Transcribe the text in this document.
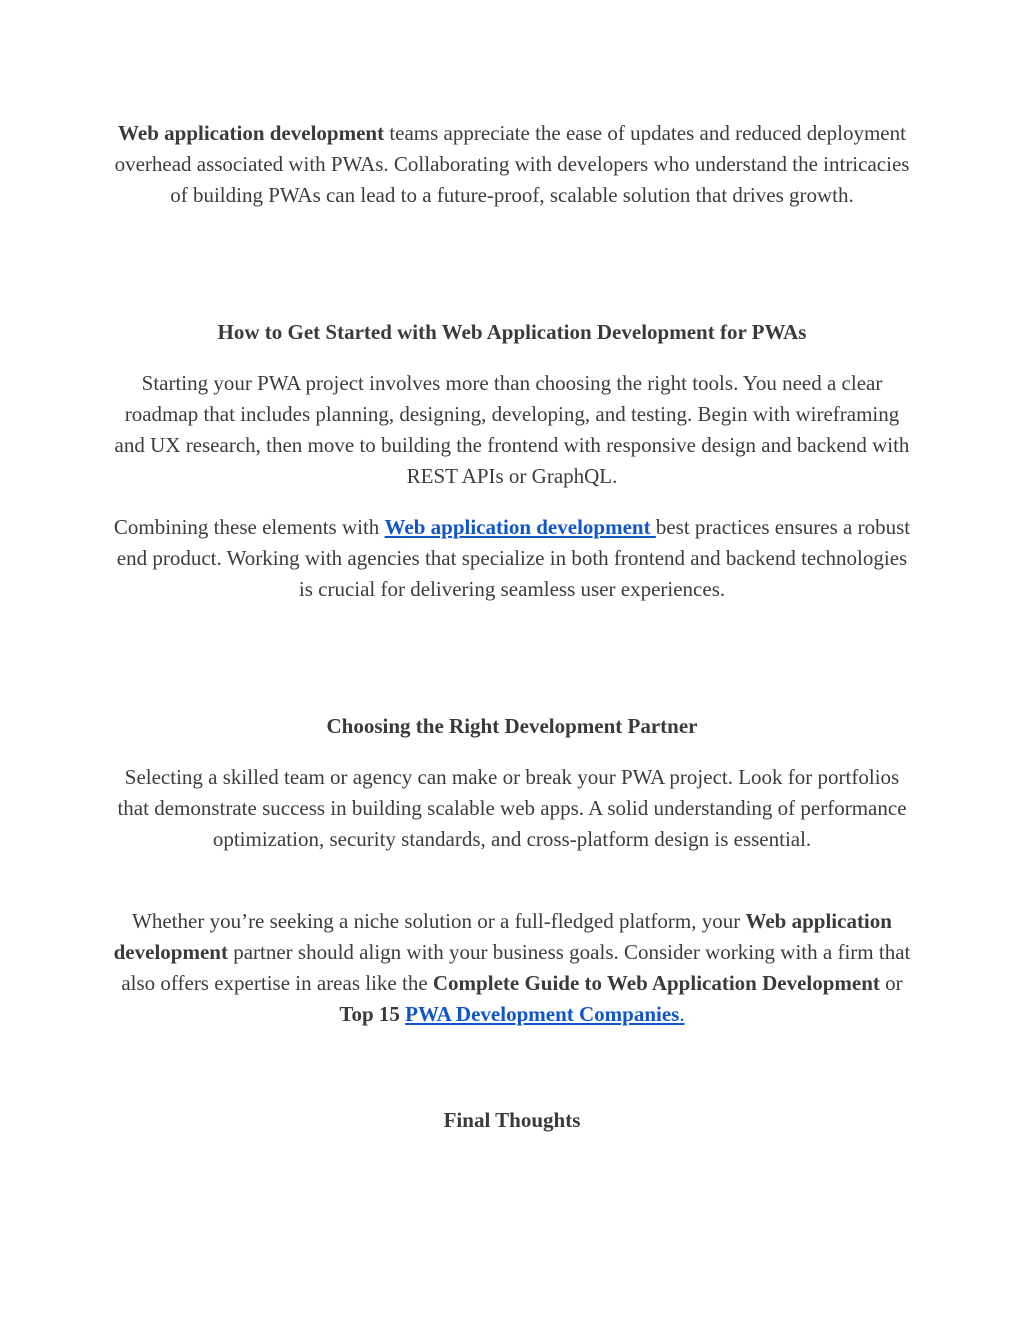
Web application development teams appreciate the ease of updates and reduced deployment overhead associated with PWAs. Collaborating with developers who understand the intricacies of building PWAs can lead to a future-proof, scalable solution that drives growth.

How to Get Started with Web Application Development for PWAs

Starting your PWA project involves more than choosing the right tools. You need a clear roadmap that includes planning, designing, developing, and testing. Begin with wireframing and UX research, then move to building the frontend with responsive design and backend with REST APIs or GraphQL.

Combining these elements with Web application development best practices ensures a robust end product. Working with agencies that specialize in both frontend and backend technologies is crucial for delivering seamless user experiences.

Choosing the Right Development Partner

Selecting a skilled team or agency can make or break your PWA project. Look for portfolios that demonstrate success in building scalable web apps. A solid understanding of performance optimization, security standards, and cross-platform design is essential.

Whether you’re seeking a niche solution or a full-fledged platform, your Web application development partner should align with your business goals. Consider working with a firm that also offers expertise in areas like the Complete Guide to Web Application Development or Top 15 PWA Development Companies.

Final Thoughts
